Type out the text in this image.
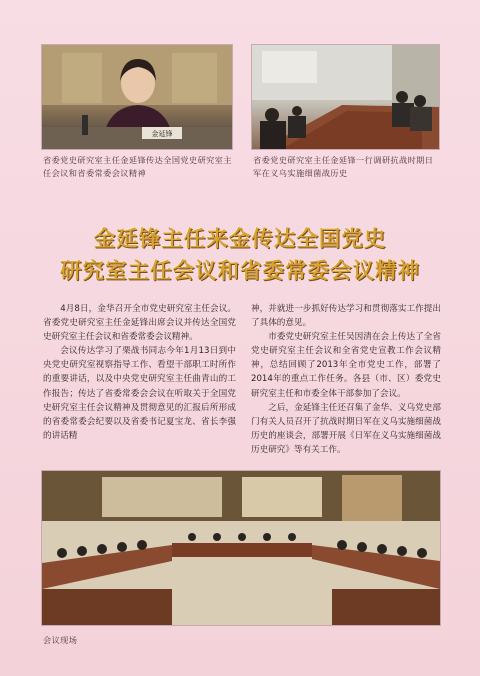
金延锋
省委党史研究室主任金延锋传达全国党史研究室主任会议和省委常委会议精神
省委党史研究室主任金延锋一行调研抗战时期日军在义乌实施细菌战历史
金延锋主任来金传达全国党史
研究室主任会议和省委常委会议精神

4月8日，金华召开全市党史研究室主任会议。省委党史研究室主任金延锋出席会议并传达全国党史研究室主任会议和省委常委会议精神。

会议传达学习了栗战书同志今年1月13日到中央党史研究室视察指导工作、看望干部职工时所作的重要讲话，以及中央党史研究室主任曲青山的工作报告；传达了省委常委会会议在听取关于全国党史研究室主任会议精神及贯彻意见的汇报后所形成的省委常委会纪要以及省委书记夏宝龙、省长李强的讲话精

神，并就进一步抓好传达学习和贯彻落实工作提出了具体的意见。

市委党史研究室主任吴因清在会上传达了全省党史研究室主任会议和全省党史宣教工作会议精神，总结回顾了2013年全市党史工作，部署了2014年的重点工作任务。各县（市、区）委党史研究室主任和市委全体干部参加了会议。

之后，金延锋主任还召集了金华、义乌党史部门有关人员召开了抗战时期日军在义乌实施细菌战历史的座谈会，部署开展《日军在义乌实施细菌战历史研究》等有关工作。

会议现场
